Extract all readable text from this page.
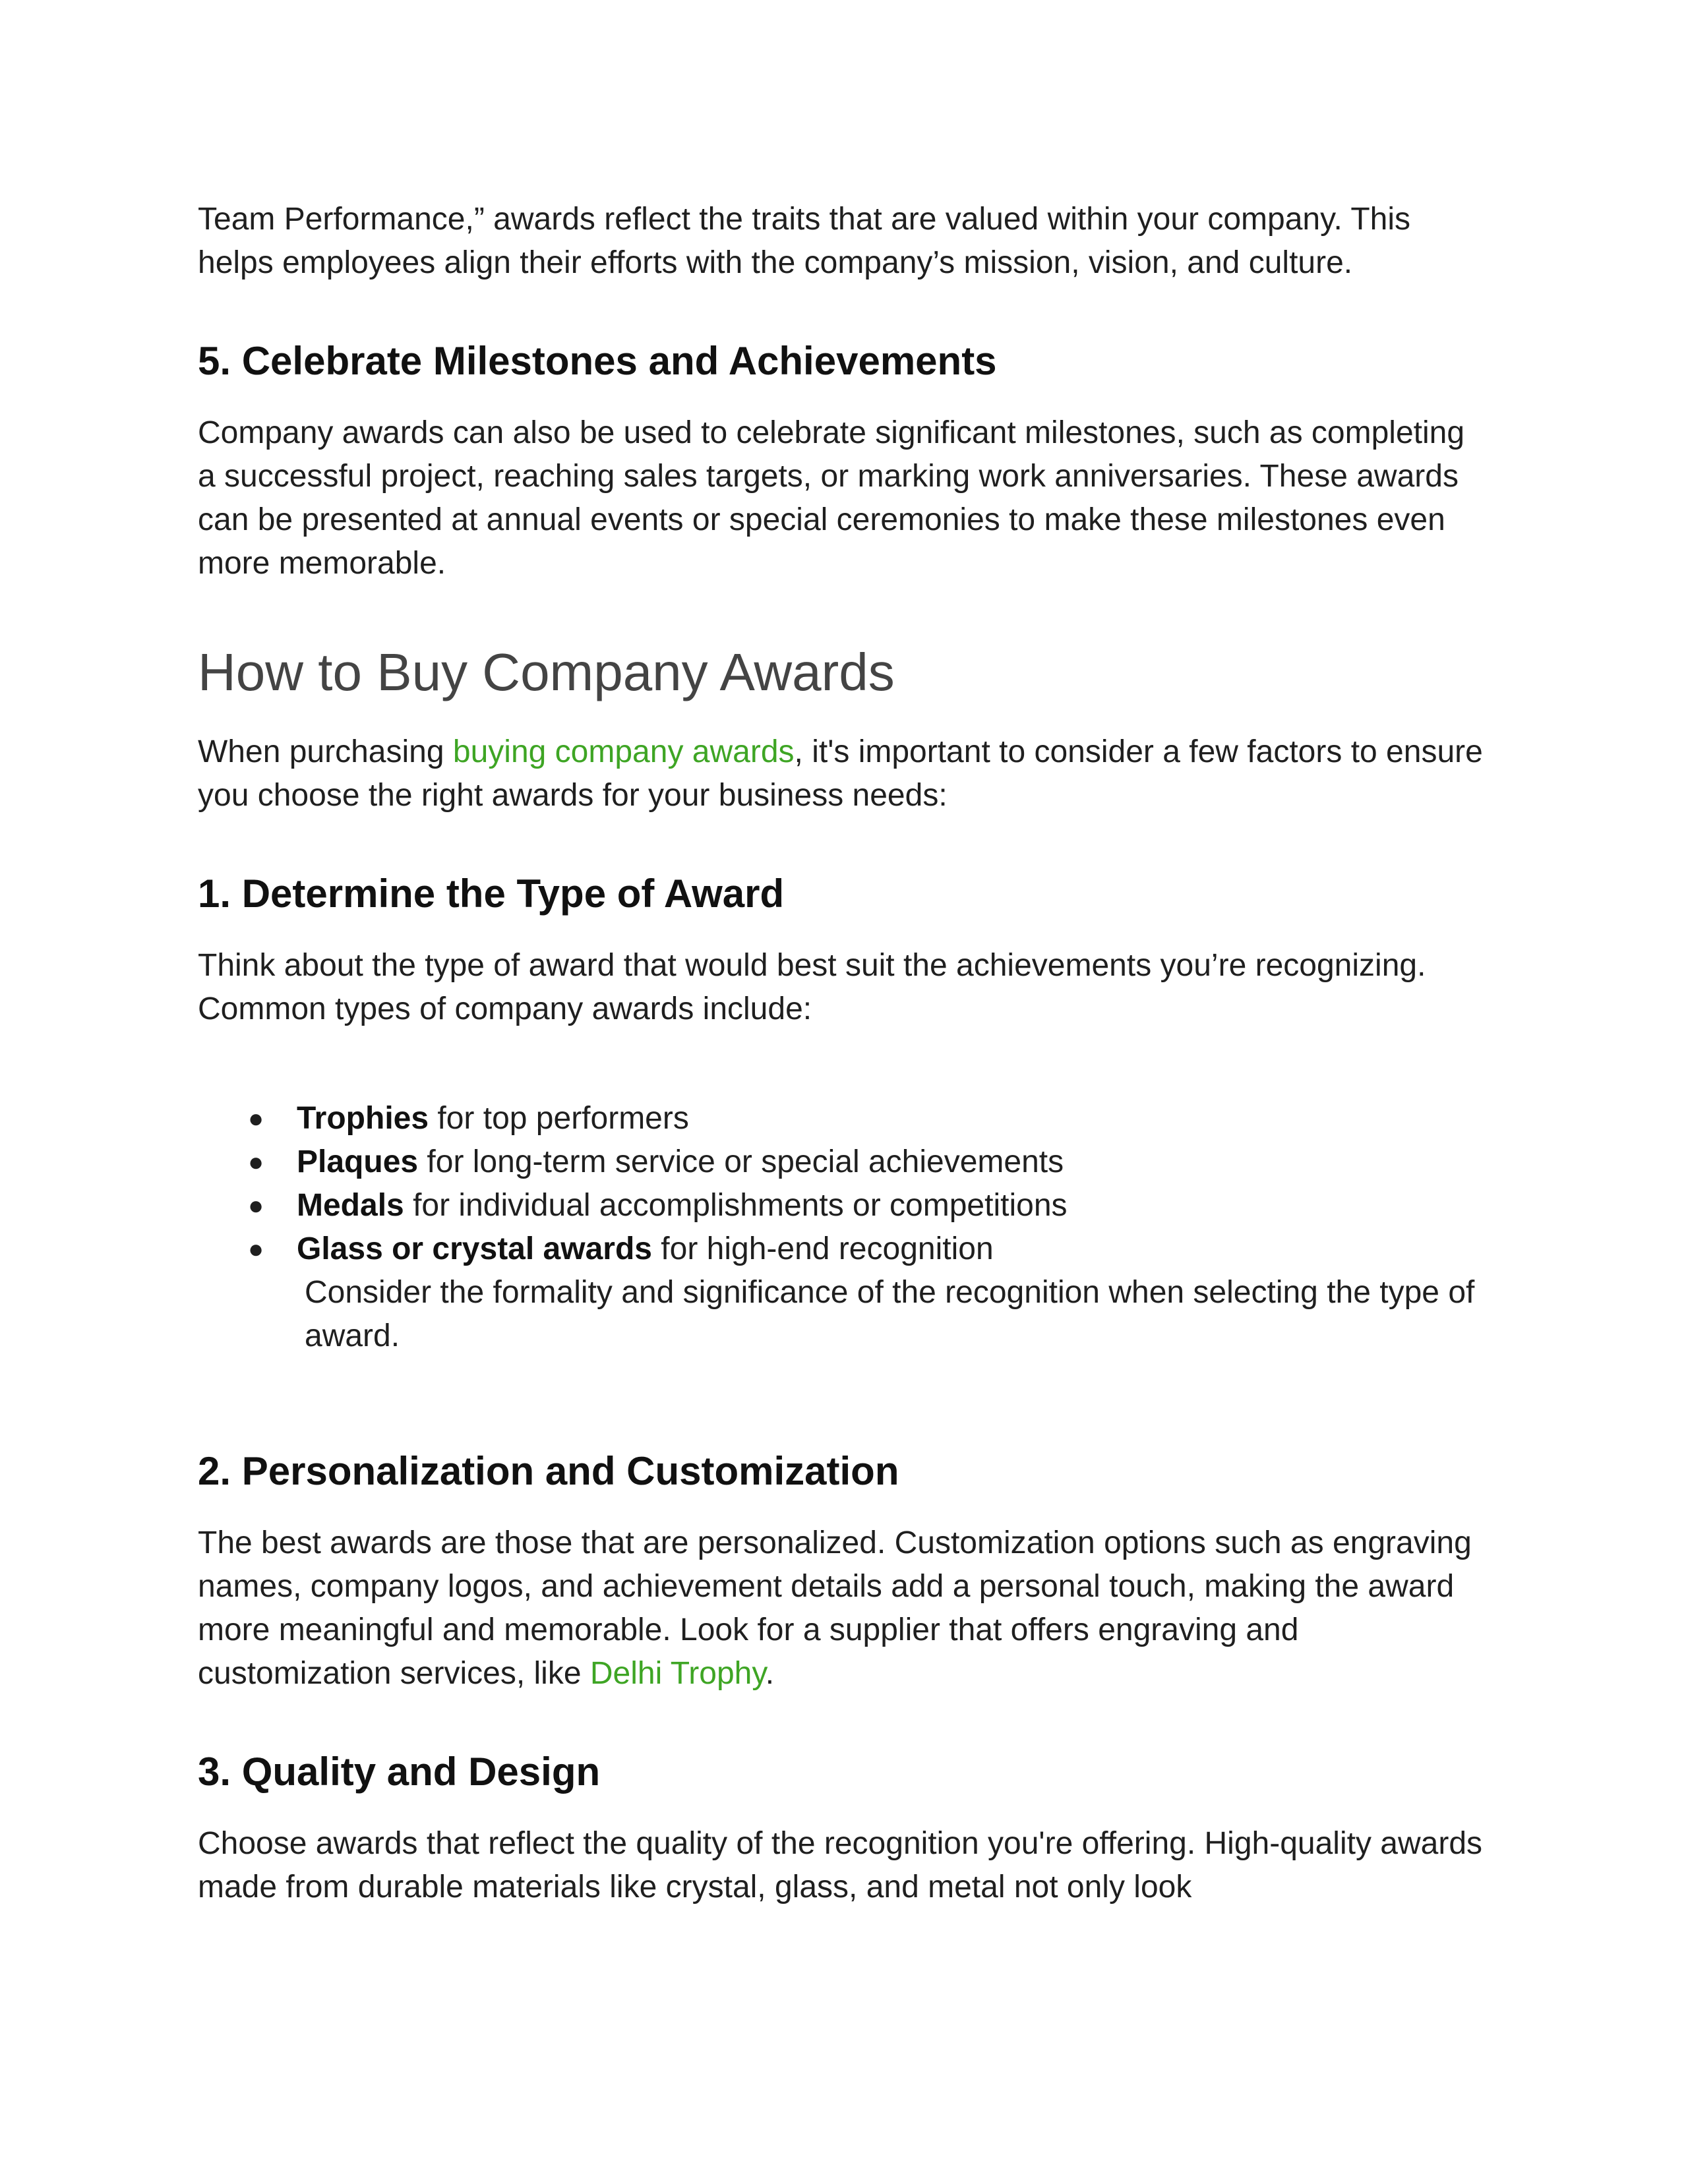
Team Performance,” awards reflect the traits that are valued within your company. This helps employees align their efforts with the company’s mission, vision, and culture.

5. Celebrate Milestones and Achievements

Company awards can also be used to celebrate significant milestones, such as completing a successful project, reaching sales targets, or marking work anniversaries. These awards can be presented at annual events or special ceremonies to make these milestones even more memorable.

How to Buy Company Awards

When purchasing buying company awards, it's important to consider a few factors to ensure you choose the right awards for your business needs:

1. Determine the Type of Award

Think about the type of award that would best suit the achievements you’re recognizing. Common types of company awards include:

● Trophies for top performers
● Plaques for long-term service or special achievements
● Medals for individual accomplishments or competitions
● Glass or crystal awards for high-end recognition
Consider the formality and significance of the recognition when selecting the type of award.
2. Personalization and Customization

The best awards are those that are personalized. Customization options such as engraving names, company logos, and achievement details add a personal touch, making the award more meaningful and memorable. Look for a supplier that offers engraving and customization services, like Delhi Trophy.

3. Quality and Design

Choose awards that reflect the quality of the recognition you're offering. High-quality awards made from durable materials like crystal, glass, and metal not only look
